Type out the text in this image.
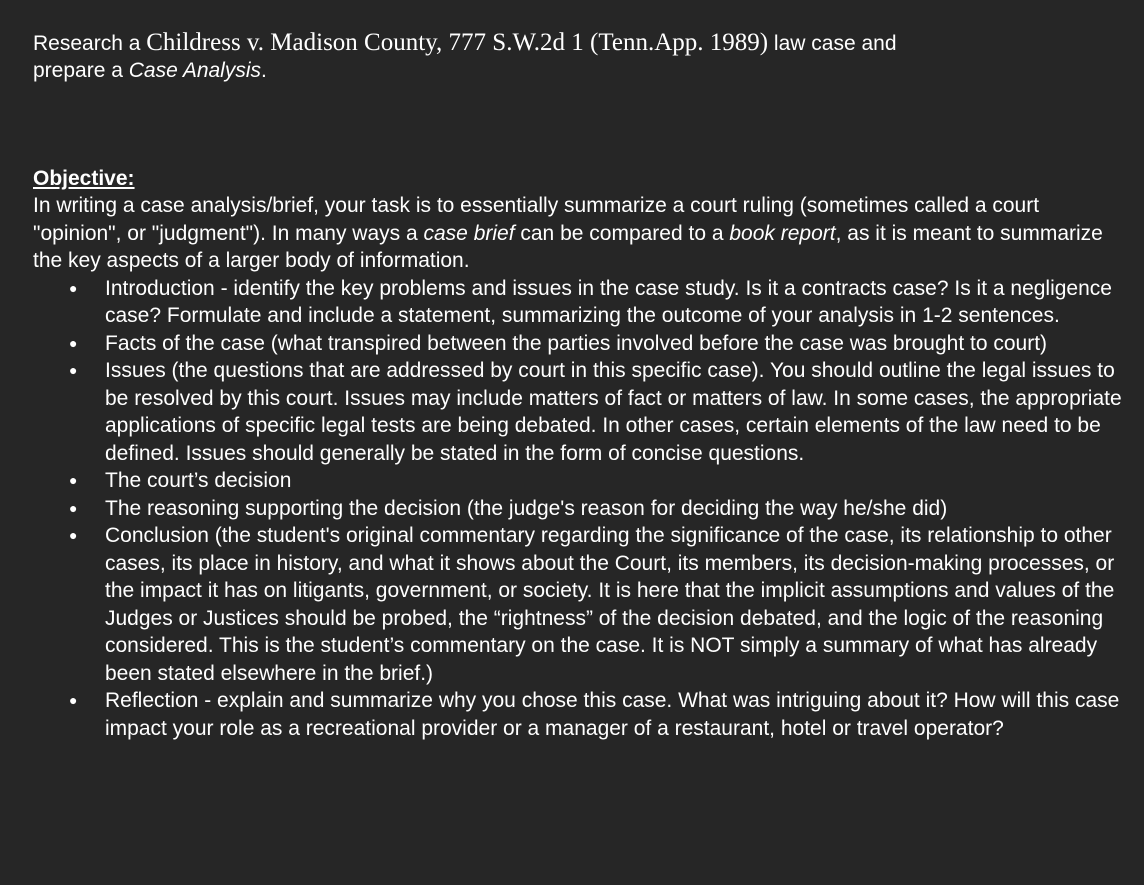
Research a Childress v. Madison County, 777 S.W.2d 1 (Tenn.App. 1989) law case and
prepare a Case Analysis.

Objective:

In writing a case analysis/brief, your task is to essentially summarize a court ruling (sometimes called a court "opinion", or "judgment"). In many ways a case brief can be compared to a book report, as it is meant to summarize the key aspects of a larger body of information.

● Introduction - identify the key problems and issues in the case study. Is it a contracts case? Is it a negligence case? Formulate and include a statement, summarizing the outcome of your analysis in 1-2 sentences.
● Facts of the case (what transpired between the parties involved before the case was brought to court)
● Issues (the questions that are addressed by court in this specific case). You should outline the legal issues to be resolved by this court. Issues may include matters of fact or matters of law. In some cases, the appropriate applications of specific legal tests are being debated. In other cases, certain elements of the law need to be defined. Issues should generally be stated in the form of concise questions.
● The court’s decision
● The reasoning supporting the decision (the judge's reason for deciding the way he/she did)
● Conclusion (the student's original commentary regarding the significance of the case, its relationship to other cases, its place in history, and what it shows about the Court, its members, its decision-making processes, or the impact it has on litigants, government, or society. It is here that the implicit assumptions and values of the Judges or Justices should be probed, the “rightness” of the decision debated, and the logic of the reasoning considered. This is the student’s commentary on the case. It is NOT simply a summary of what has already been stated elsewhere in the brief.)
● Reflection - explain and summarize why you chose this case. What was intriguing about it? How will this case impact your role as a recreational provider or a manager of a restaurant, hotel or travel operator?
